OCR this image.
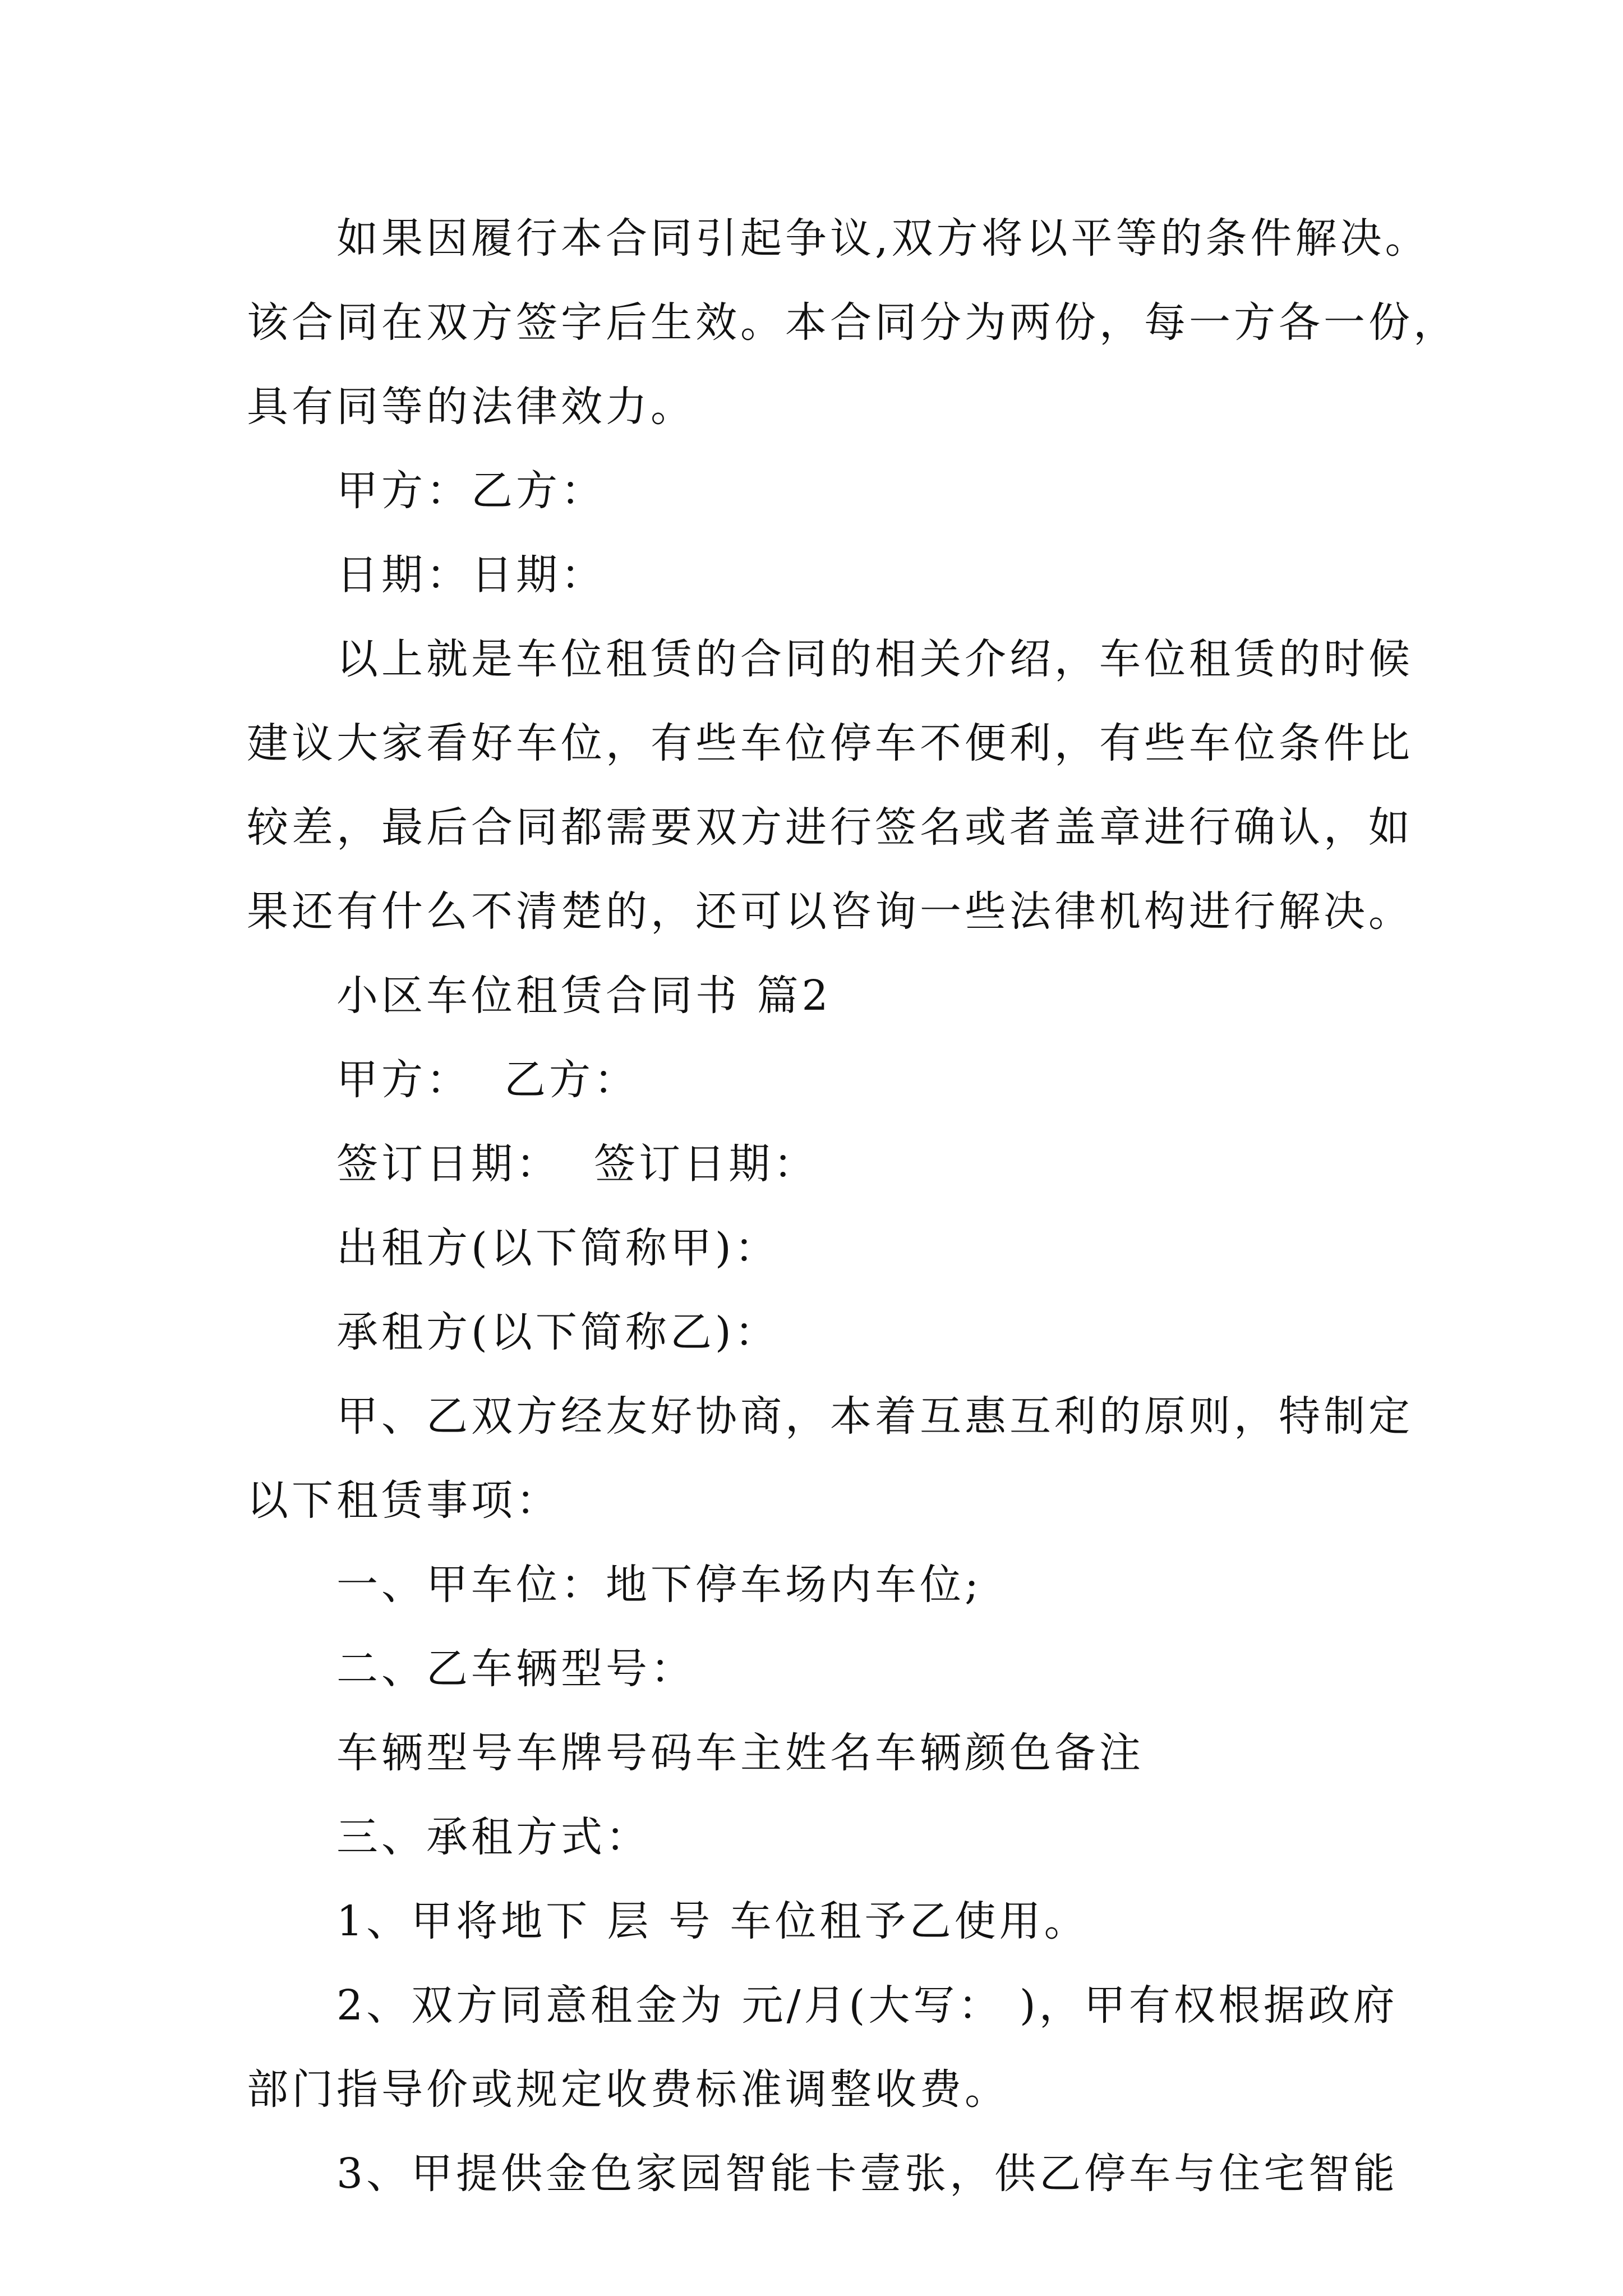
如果因履行本合同引起争议,双方将以平等的条件解决。
该合同在双方签字后生效。本合同分为两份，每一方各一份，
具有同等的法律效力。
甲方：乙方：
日期：日期：
以上就是车位租赁的合同的相关介绍，车位租赁的时候
建议大家看好车位，有些车位停车不便利，有些车位条件比
较差，最后合同都需要双方进行签名或者盖章进行确认，如
果还有什么不清楚的，还可以咨询一些法律机构进行解决。
小区车位租赁合同书 篇2
甲方：  乙方：
签订日期：  签订日期：
出租方(以下简称甲)：
承租方(以下简称乙)：
甲、乙双方经友好协商，本着互惠互利的原则，特制定
以下租赁事项：
一、甲车位：地下停车场内车位;
二、乙车辆型号：
车辆型号车牌号码车主姓名车辆颜色备注
三、承租方式：
1、甲将地下 层 号 车位租予乙使用。
2、双方同意租金为 元/月(大写： )，甲有权根据政府
部门指导价或规定收费标准调整收费。
3、甲提供金色家园智能卡壹张，供乙停车与住宅智能
